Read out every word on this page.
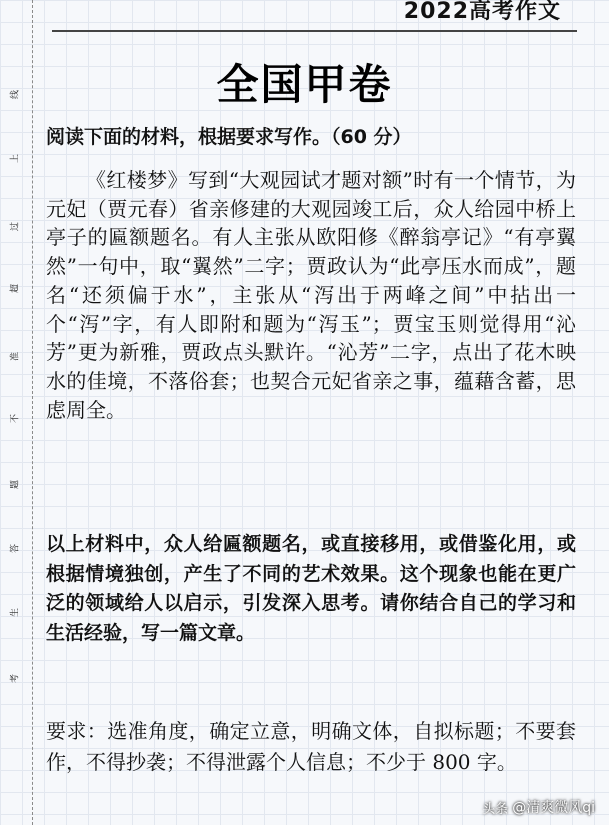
线
上
过
超
准
不
题
答
生
考
2022高考作文
全国甲卷
阅读下面的材料，根据要求写作。（60 分）

《红楼梦》写到“大观园试才题对额”时有一个情节，为元妃（贾元春）省亲修建的大观园竣工后，众人给园中桥上亭子的匾额题名。有人主张从欧阳修《醉翁亭记》“有亭翼然”一句中，取“翼然”二字；贾政认为“此亭压水而成”，题名“还须偏于水”，主张从“泻出于两峰之间”中拈出一个“泻”字，有人即附和题为“泻玉”；贾宝玉则觉得用“沁芳”更为新雅，贾政点头默许。“沁芳”二字，点出了花木映水的佳境，不落俗套；也契合元妃省亲之事，蕴藉含蓄，思虑周全。

以上材料中，众人给匾额题名，或直接移用，或借鉴化用，或根据情境独创，产生了不同的艺术效果。这个现象也能在更广泛的领域给人以启示，引发深入思考。请你结合自己的学习和生活经验，写一篇文章。

要求：选准角度，确定立意，明确文体，自拟标题；不要套作，不得抄袭；不得泄露个人信息；不少于 800 字。

头条 @清爽微风qi
